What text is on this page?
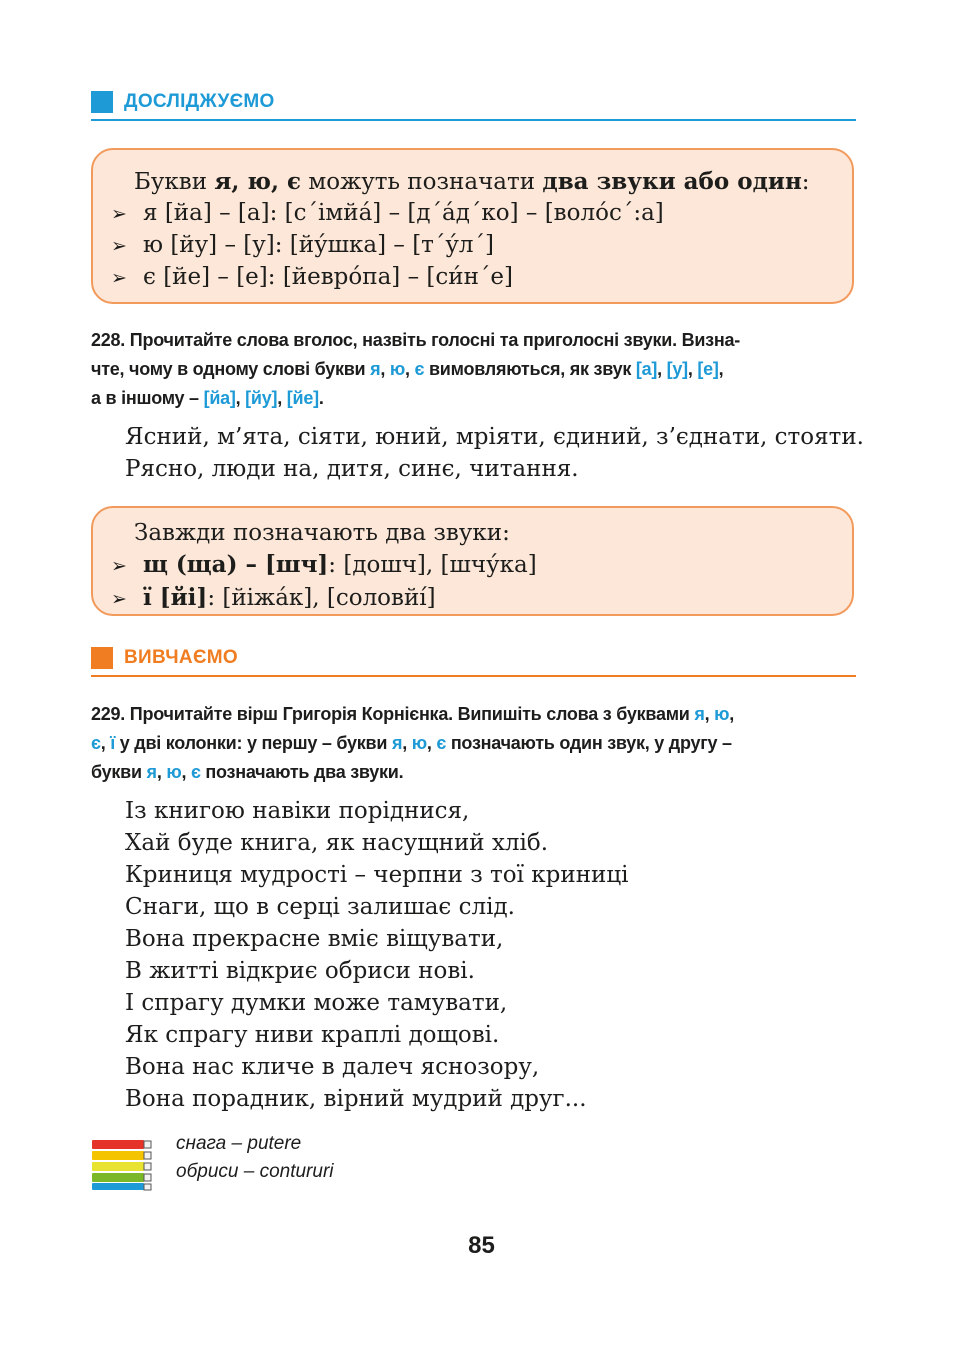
ДОСЛІДЖУЄМО
Букви я, ю, є можуть позначати два звуки або один:
➢ я [йа] – [а]: [с´імйа́] – [д´а́д´ко] – [воло́с´:а]
➢ ю [йу] – [у]: [йу́шка] – [т´у́л´]
➢ є [йе] – [е]: [йевро́па] – [си́н´е]
228. Прочитайте слова вголос, назвіть голосні та приголосні звуки. Визна-
чте, чому в одному слові букви я, ю, є вимовляються, як звук [а], [у], [е],
а в іншому – [йа], [йу], [йе].
Ясний, м’ята, сіяти, юний, мріяти, єдиний, з’єднати, стояти.
Рясно, люди на, дитя, синє, читання.
Завжди позначають два звуки:
➢ щ (ща) – [шч]: [дошч], [шчу́ка]
➢ ї [йі]: [йіжа́к], [соловйі́]
ВИВЧАЄМО
229. Прочитайте вірш Григорія Корнієнка. Випишіть слова з буквами я, ю,
є, ї у дві колонки: у першу – букви я, ю, є позначають один звук, у другу –
букви я, ю, є позначають два звуки.
Із книгою навіки поріднися,
Хай буде книга, як насущний хліб.
Криниця мудрості – черпни з тої криниці
Снаги, що в серці залишає слід.
Вона прекрасне вміє віщувати,
В житті відкриє обриси нові.
І спрагу думки може тамувати,
Як спрагу ниви краплі дощові.
Вона нас кличе в далеч яснозору,
Вона порадник, вірний мудрий друг...
снага – putere
обриси – contururi
85
